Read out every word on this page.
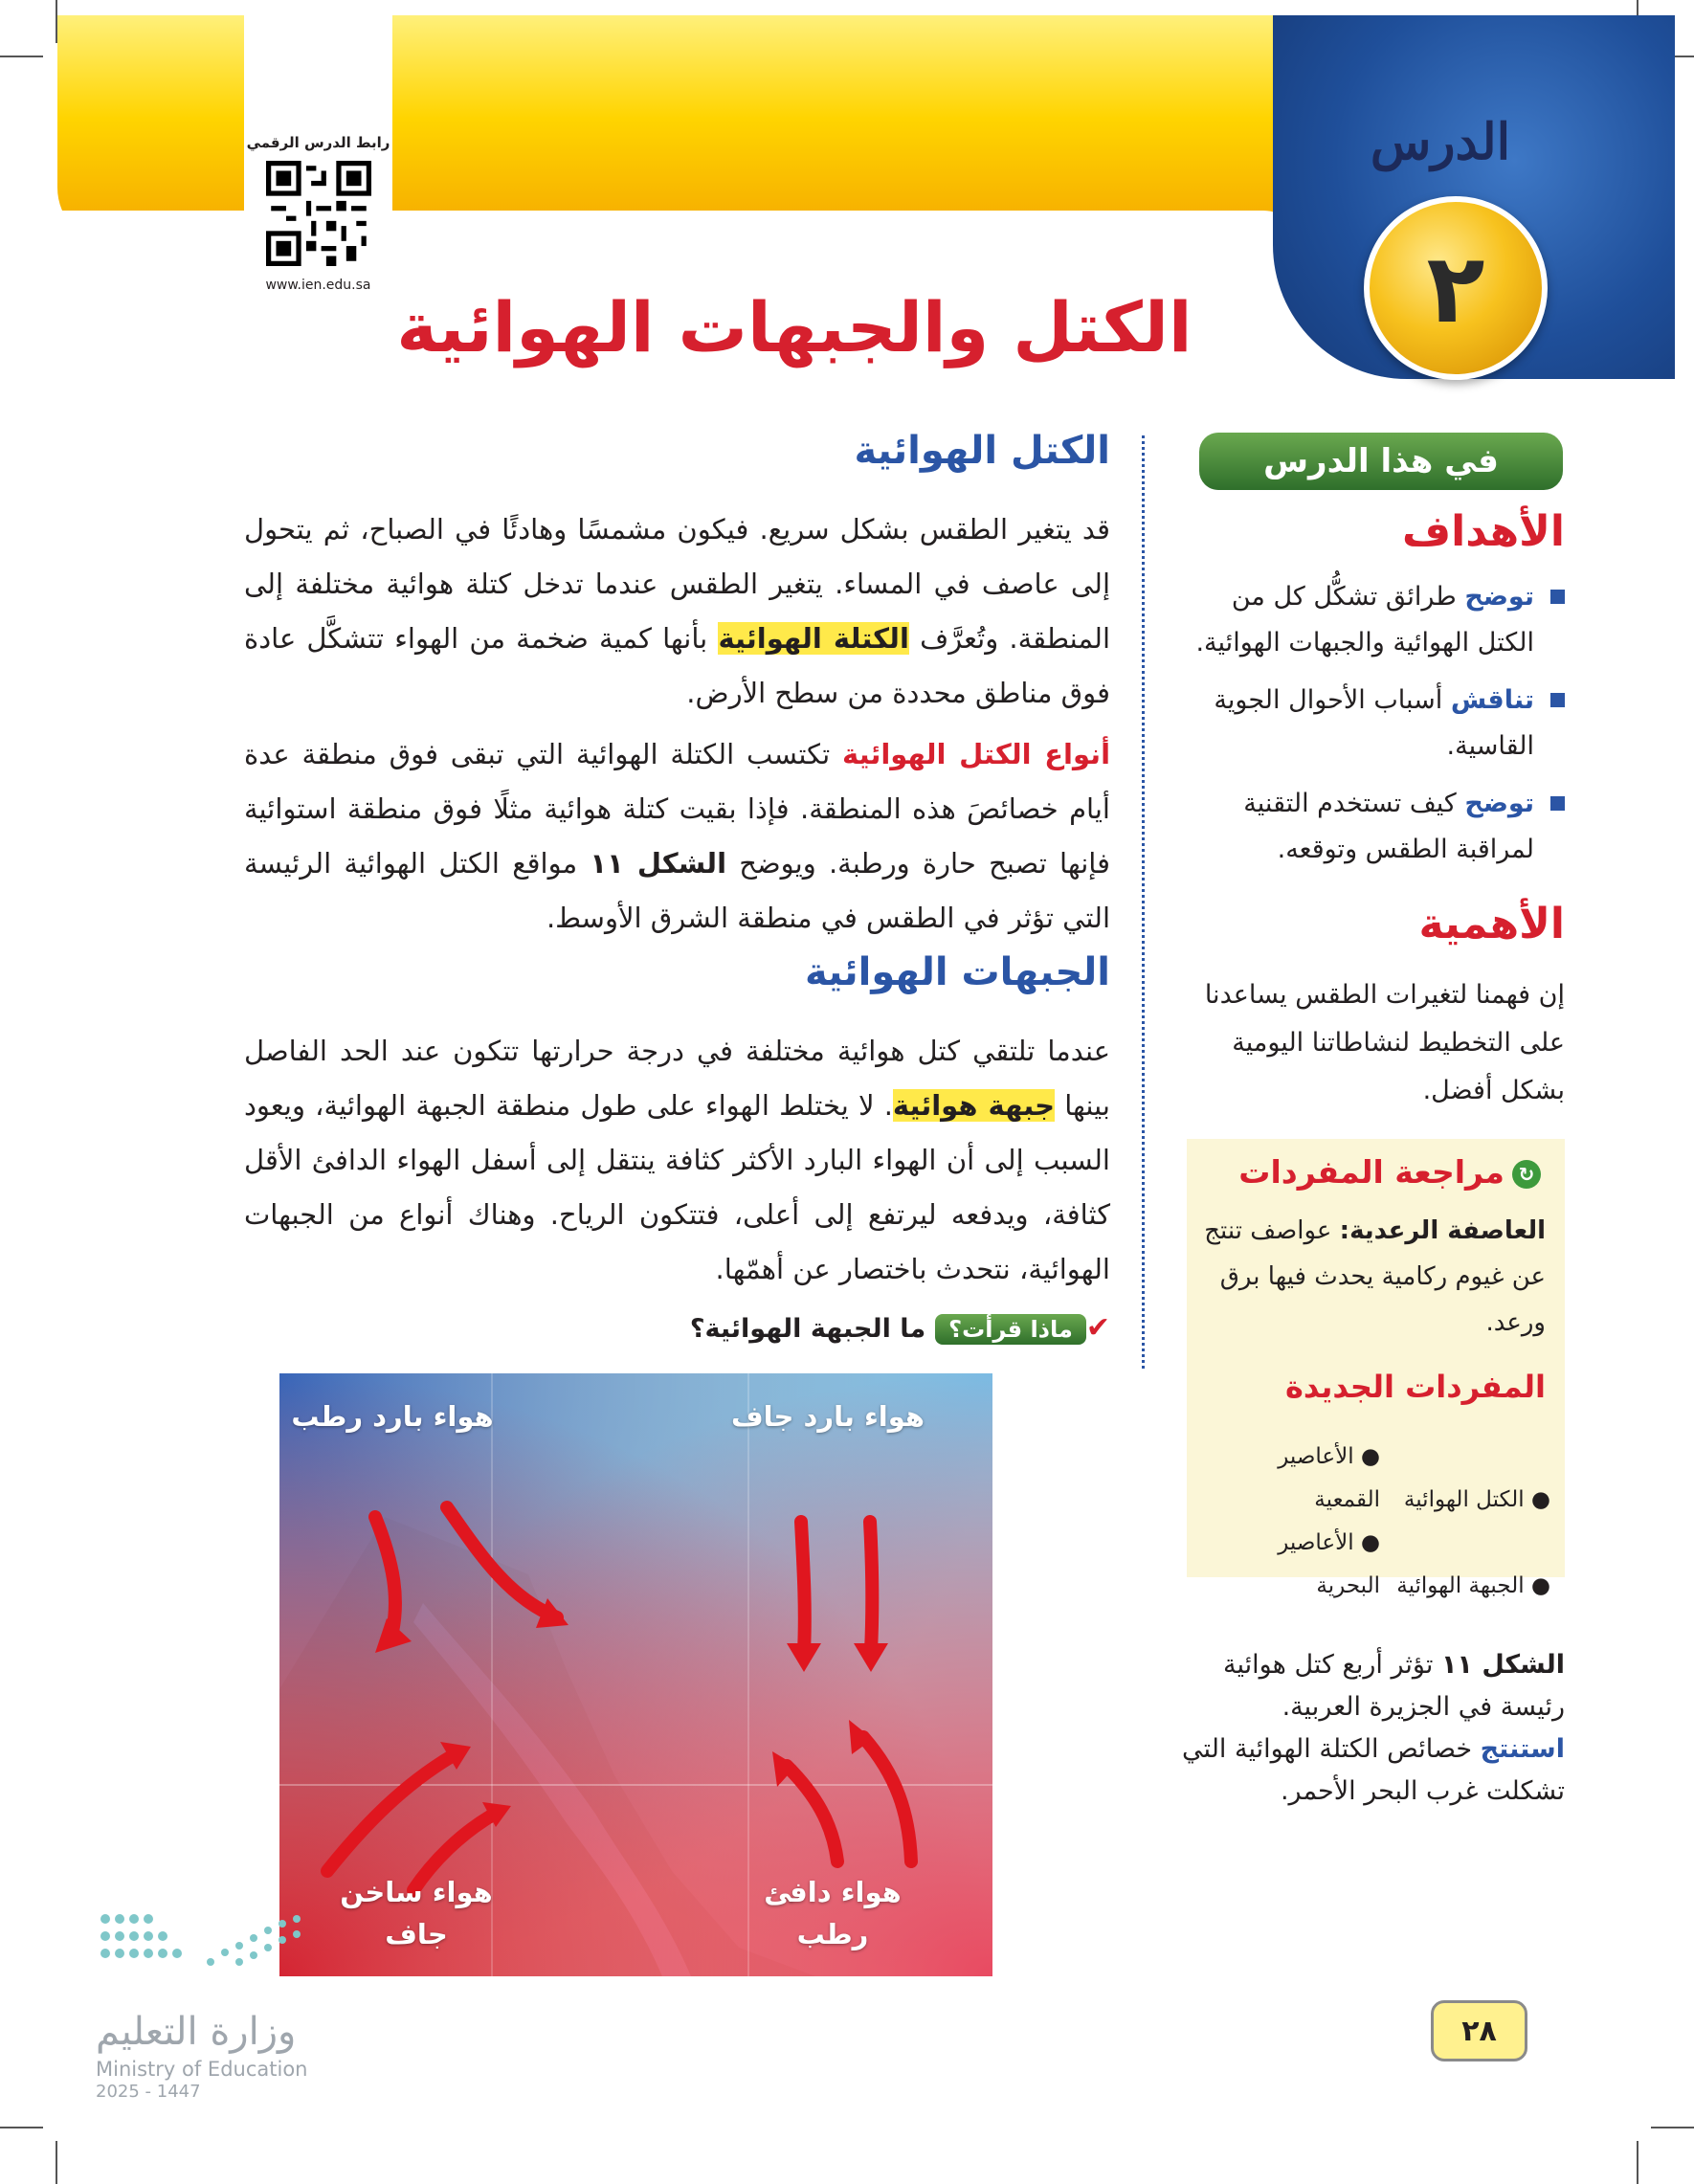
الدرس
٢
رابط الدرس الرقمي
www.ien.edu.sa
الكتل والجبهات الهوائية
في هذا الدرس
الأهداف
توضح طرائق تشكُّل كل من الكتل الهوائية والجبهات الهوائية.
تناقش أسباب الأحوال الجوية القاسية.
توضح كيف تستخدم التقنية لمراقبة الطقس وتوقعه.
الأهمية
إن فهمنا لتغيرات الطقس يساعدنا على التخطيط لنشاطاتنا اليومية بشكل أفضل.
↻مراجعة المفردات
العاصفة الرعدية: عواصف تنتج عن غيوم ركامية يحدث فيها برق ورعد.
المفردات الجديدة
● الكتل الهوائية● الأعاصير القمعية
● الجبهة الهوائية● الأعاصير البحرية
الشكل ١١ تؤثر أربع كتل هوائية رئيسة في الجزيرة العربية.
استنتج خصائص الكتلة الهوائية التي تشكلت غرب البحر الأحمر.
الكتل الهوائية
قد يتغير الطقس بشكل سريع. فيكون مشمسًا وهادئًا في الصباح، ثم يتحول إلى عاصف في المساء. يتغير الطقس عندما تدخل كتلة هوائية مختلفة إلى المنطقة. وتُعرَّف الكتلة الهوائية بأنها كمية ضخمة من الهواء تتشكَّل عادة فوق مناطق محددة من سطح الأرض.
أنواع الكتل الهوائية تكتسب الكتلة الهوائية التي تبقى فوق منطقة عدة أيام خصائصَ هذه المنطقة. فإذا بقيت كتلة هوائية مثلًا فوق منطقة استوائية فإنها تصبح حارة ورطبة. ويوضح الشكل ١١ مواقع الكتل الهوائية الرئيسة التي تؤثر في الطقس في منطقة الشرق الأوسط.
الجبهات الهوائية
عندما تلتقي كتل هوائية مختلفة في درجة حرارتها تتكون عند الحد الفاصل بينها جبهة هوائية. لا يختلط الهواء على طول منطقة الجبهة الهوائية، ويعود السبب إلى أن الهواء البارد الأكثر كثافة ينتقل إلى أسفل الهواء الدافئ الأقل كثافة، ويدفعه ليرتفع إلى أعلى، فتتكون الرياح. وهناك أنواع من الجبهات الهوائية، نتحدث باختصار عن أهمّها.
✔ماذا قرأت؟ما الجبهة الهوائية؟
هواء بارد رطب	هواء بارد جاف
هواء ساخن جاف
هواء دافئ رطب
وزارة التعليم
Ministry of Education
2025 - 1447
٢٨
